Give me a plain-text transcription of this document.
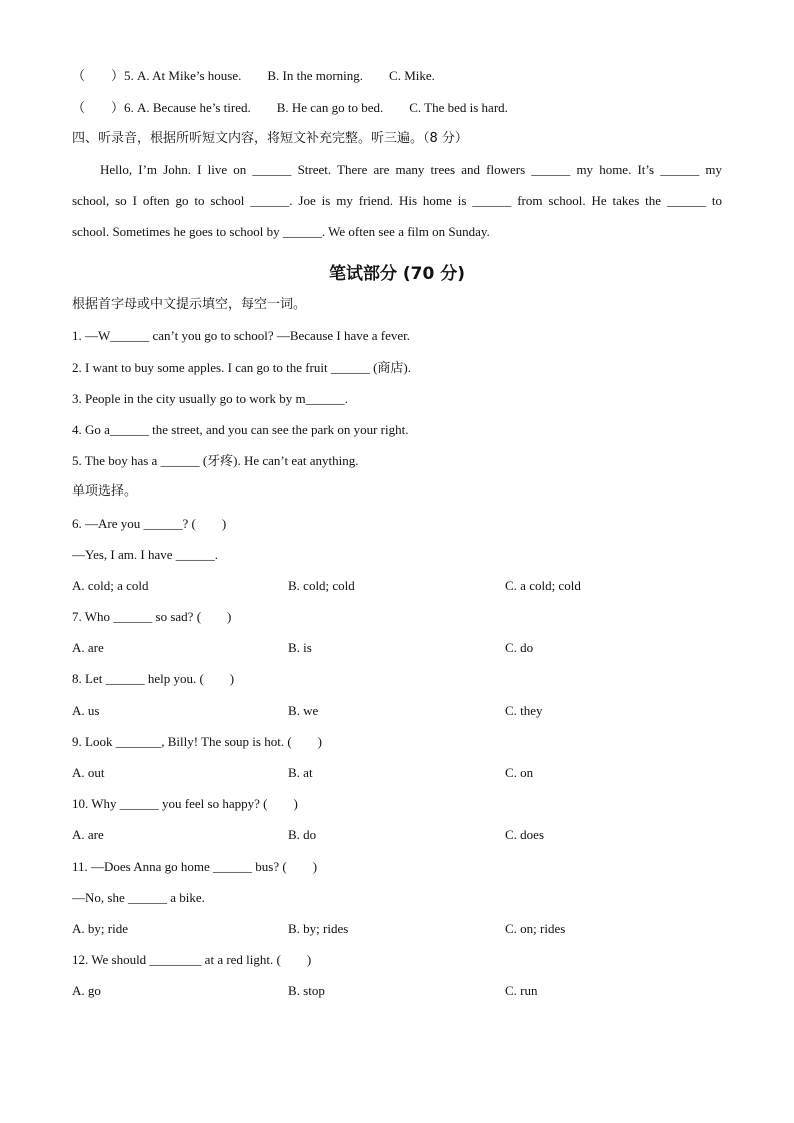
（　　）5. A. At Mike’s house.　　B. In the morning.　　C. Mike.
（　　）6. A. Because he’s tired.　　B. He can go to bed.　　C. The bed is hard.
四、听录音，根据所听短文内容，将短文补充完整。听三遍。（8 分）
Hello, I’m John. I live on ______ Street. There are many trees and flowers ______ my home. It’s ______ my
school, so I often go to school ______. Joe is my friend. His home is ______ from school. He takes the ______ to
school. Sometimes he goes to school by ______. We often see a film on Sunday.
笔试部分 (70 分)
根据首字母或中文提示填空，每空一词。
1. —W______ can’t you go to school? —Because I have a fever.
2. I want to buy some apples. I can go to the fruit ______ (商店).
3. People in the city usually go to work by m______.
4. Go a______ the street, and you can see the park on your right.
5. The boy has a ______ (牙疼). He can’t eat anything.
单项选择。
6. —Are you ______? (　　)
—Yes, I am. I have ______.
A. cold; a cold	B. cold; cold	C. a cold; cold
7. Who ______ so sad? (　　)
A. are	B. is	C. do
8. Let ______ help you. (　　)
A. us	B. we	C. they
9. Look _______, Billy! The soup is hot. (　　)
A. out	B. at	C. on
10. Why ______ you feel so happy? (　　)
A. are	B. do	C. does
11. —Does Anna go home ______ bus? (　　)
—No, she ______ a bike.
A. by; ride	B. by; rides	C. on; rides
12. We should ________ at a red light. (　　)
A. go	B. stop	C. run
